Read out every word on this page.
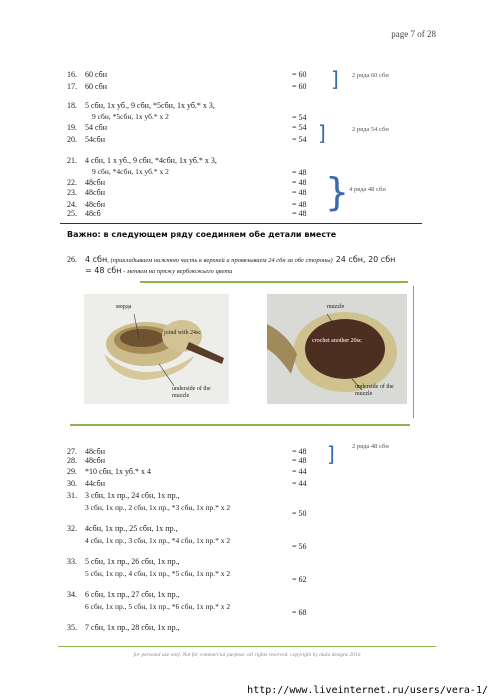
page 7 of 28
16. 60 сбн	= 60
17. 60 сбн	= 60 ] 2 ряда 60 сбн
18. 5 сбн, 1х уб., 9 сбн, *5сбн, 1х уб.* х 3,
9 сбн, *5сбн, 1х уб.* х 2	= 54
19. 54 сбн	= 54
20. 54сбн	= 54 ]	2 ряда 54 сбн
21. 4 сбн, 1 х уб., 9 сбн, *4сбн, 1х уб.* х 3,
9 сбн, *4сбн, 1х уб.* х 2	= 48
22. 48сбн	= 48
23. 48сбн	= 48
24. 48сбн	= 48
25. 48сб	= 48 } 4 ряда 48 сбн
Важно: в следующем ряду соединяем обе детали вместе
26. 4 сбн, (прикладываем нижнюю часть к верхней и провязываем 24 сбн за обе стороны) 24 сбн, 20 сбн
= 48 сбн - меняем на пряжу верблюжьего цвета
морда
joind with 24sc
underside of the muzzle
muzzle
crochet another 20sc
underside of the muzzle
27. 48сбн	= 48
28. 48сбн	= 48 ]	2 ряда 48 сбн
29. *10 сбн, 1х уб.* х 4	= 44
30. 44сбн	= 44
31. 3 сбн, 1х пр., 24 сбн, 1х пр.,
3 сбн, 1х пр., 2 сбн, 1х пр., *3 сбн, 1х пр.* х 2
= 50
32. 4сбн, 1х пр., 25 сбн, 1х пр.,
4 сбн, 1х пр., 3 сбн, 1х пр., *4 сбн, 1х пр.* х 2
= 56
33. 5 сбн, 1х пр., 26 сбн, 1х пр.,
5 сбн, 1х пр., 4 сбн, 1х пр., *5 сбн, 1х пр.* х 2
= 62
34. 6 сбн, 1х пр., 27 сбн, 1х пр.,
6 сбн, 1х пр., 5 сбн, 1х пр., *6 сбн, 1х пр.* х 2
= 68
35. 7 сбн, 1х пр., 28 сбн, 1х пр.,
for personal use only. Not for commercial purpose. all rights reserved. copyright by mula designs 2016
http://www.liveinternet.ru/users/vera-1/
